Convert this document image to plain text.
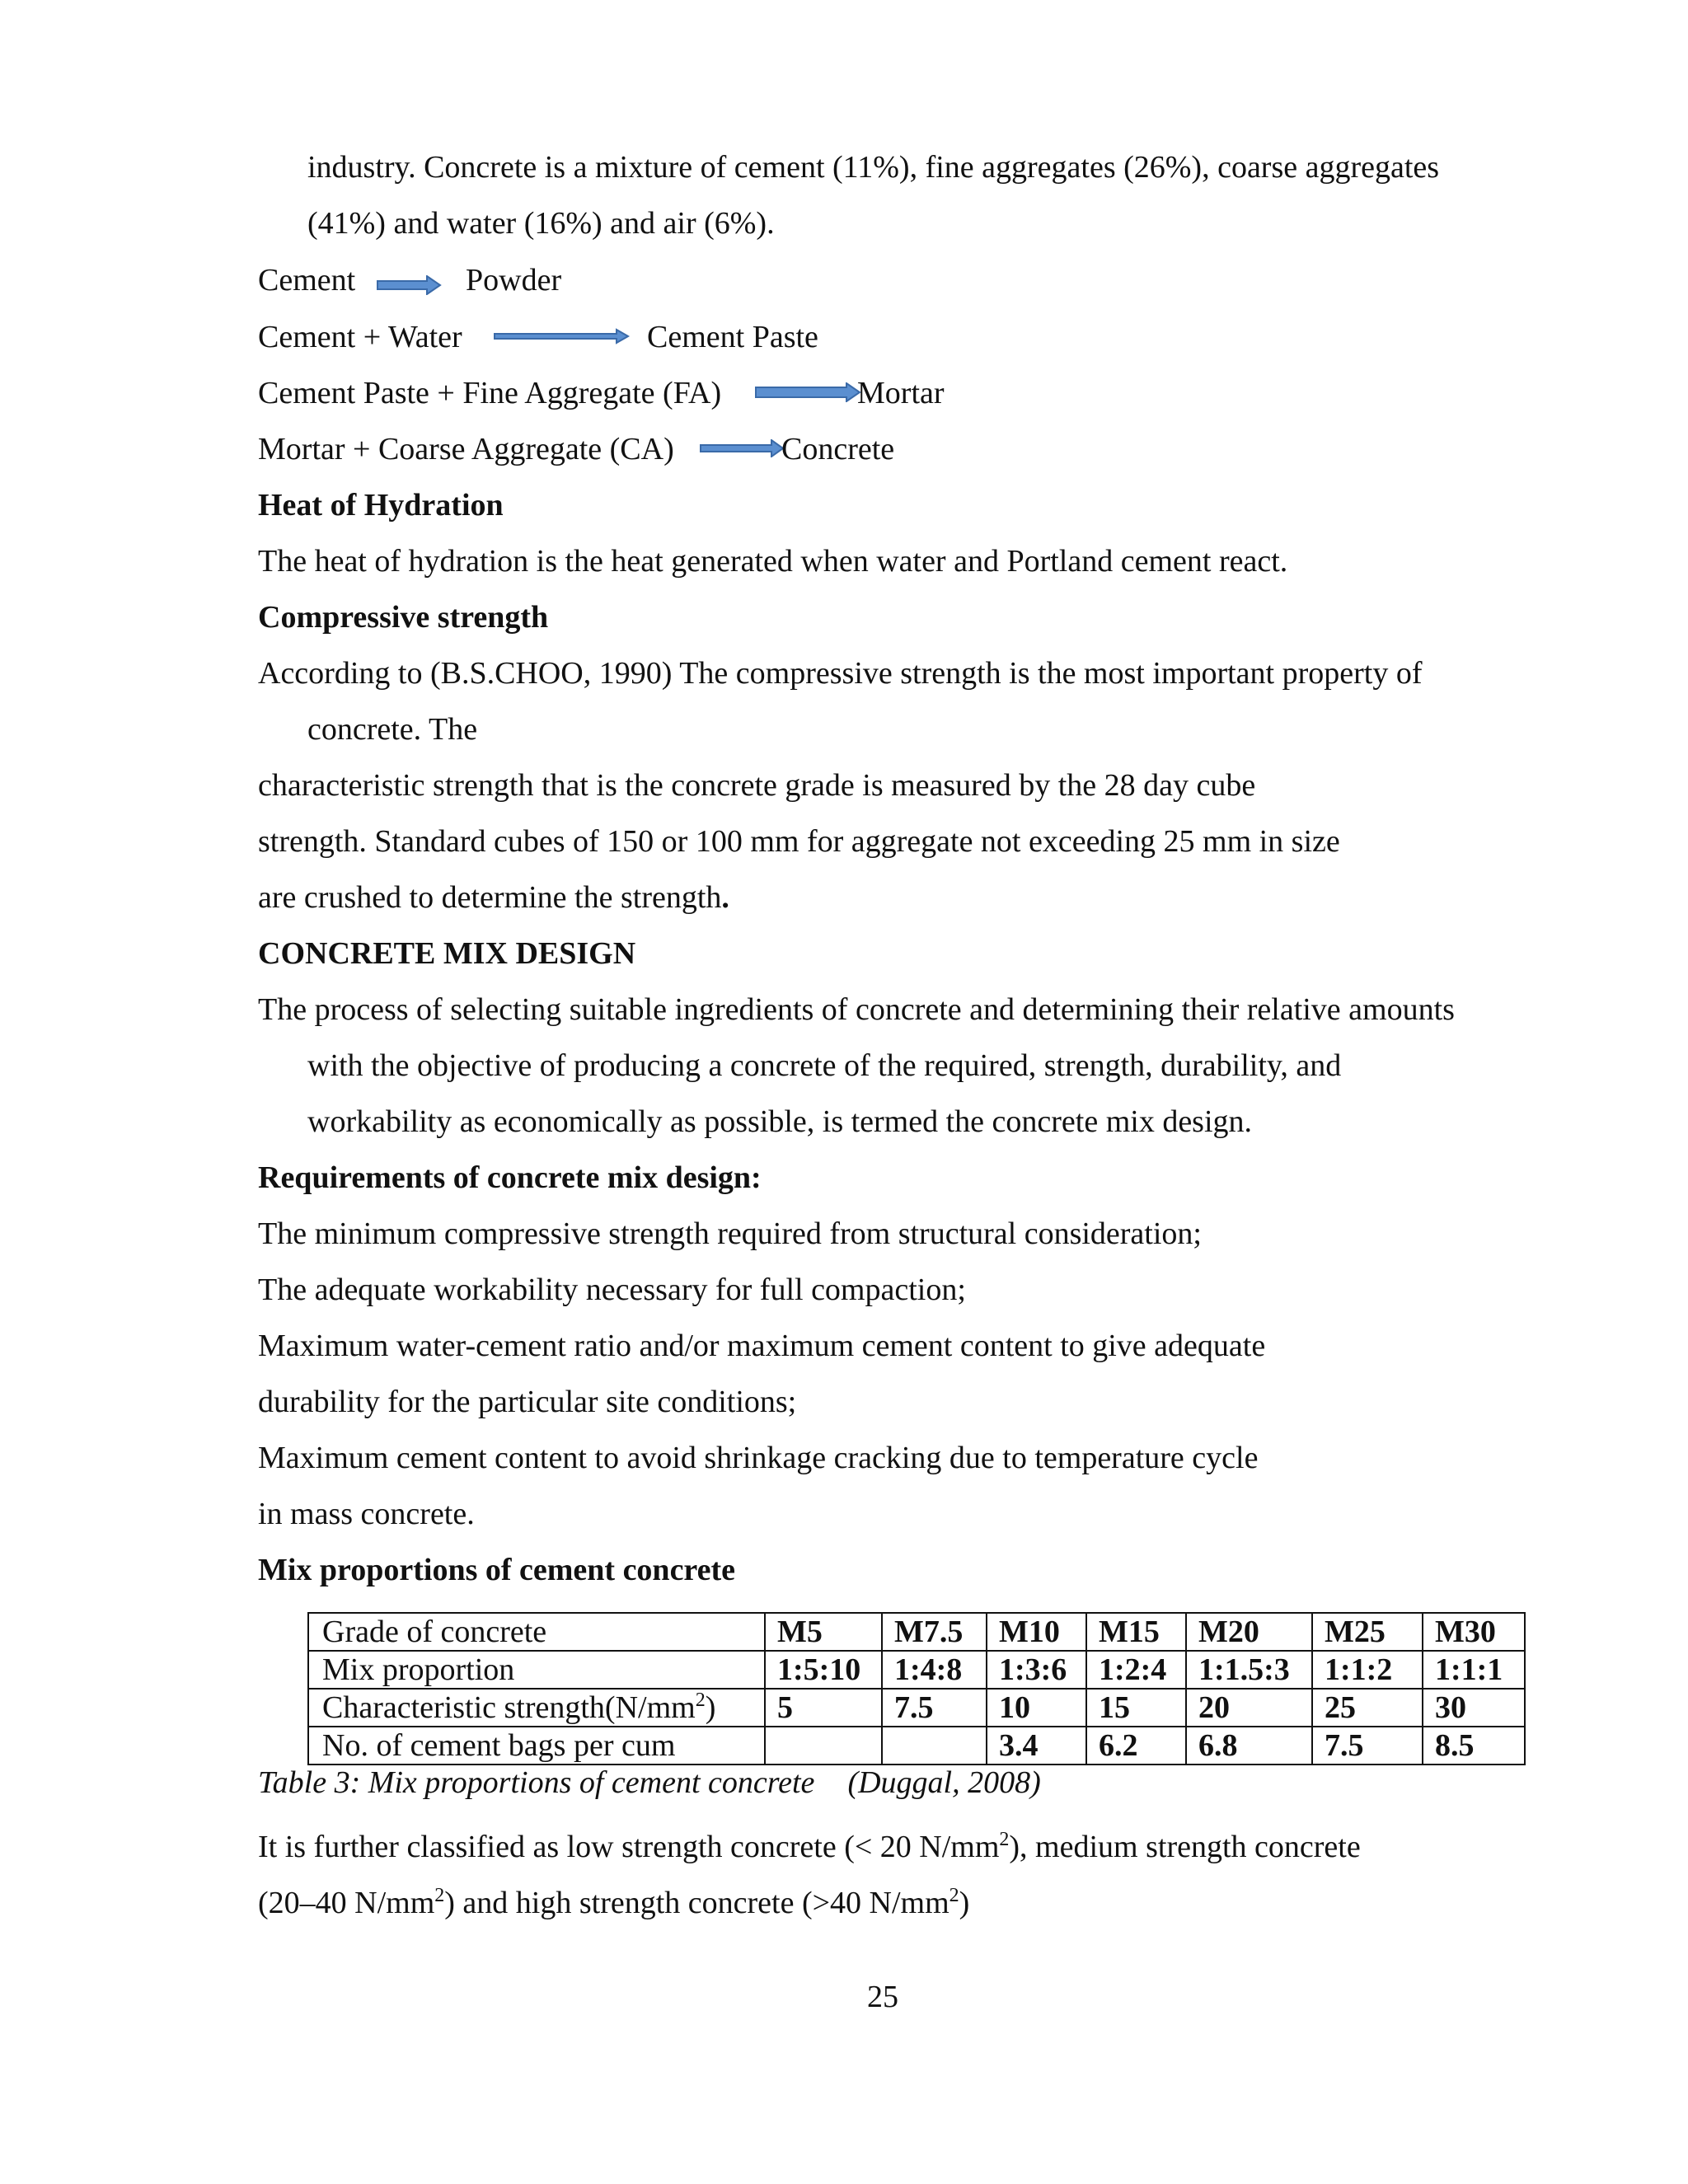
industry. Concrete is a mixture of cement (11%), fine aggregates (26%), coarse aggregates
(41%) and water (16%) and air (6%).
Cement	Powder
Cement + Water	Cement Paste
Cement Paste + Fine Aggregate (FA)	Mortar
Mortar + Coarse Aggregate (CA)	Concrete
Heat of Hydration
The heat of hydration is the heat generated when water and Portland cement react.
Compressive strength
According to (B.S.CHOO, 1990) The compressive strength is the most important property of
concrete. The
characteristic strength that is the concrete grade is measured by the 28 day cube
strength. Standard cubes of 150 or 100 mm for aggregate not exceeding 25 mm in size
are crushed to determine the strength.
CONCRETE MIX DESIGN
The process of selecting suitable ingredients of concrete and determining their relative amounts
with the objective of producing a concrete of the required, strength, durability, and
workability as economically as possible, is termed the concrete mix design.
Requirements of concrete mix design:
The minimum compressive strength required from structural consideration;
The adequate workability necessary for full compaction;
Maximum water-cement ratio and/or maximum cement content to give adequate
durability for the particular site conditions;
Maximum cement content to avoid shrinkage cracking due to temperature cycle
in mass concrete.
Mix proportions of cement concrete
Grade of concrete	M5	M7.5	M10	M15	M20	M25	M30
Mix proportion	1:5:10	1:4:8	1:3:6	1:2:4	1:1.5:3	1:1:2	1:1:1
Characteristic $strength(N/mm^2)$	5	7.5	10	15	20	25	30
No. of cement bags per cum			3.4	6.2	6.8	7.5	8.5
Table 3: Mix proportions of cement concrete (Duggal, 2008)
It is further classified as low strength concrete (< 20 $N/mm^2$), medium strength concrete
(20–40 $N/mm^2$) and high strength concrete (>40 $N/mm^2$)
25
